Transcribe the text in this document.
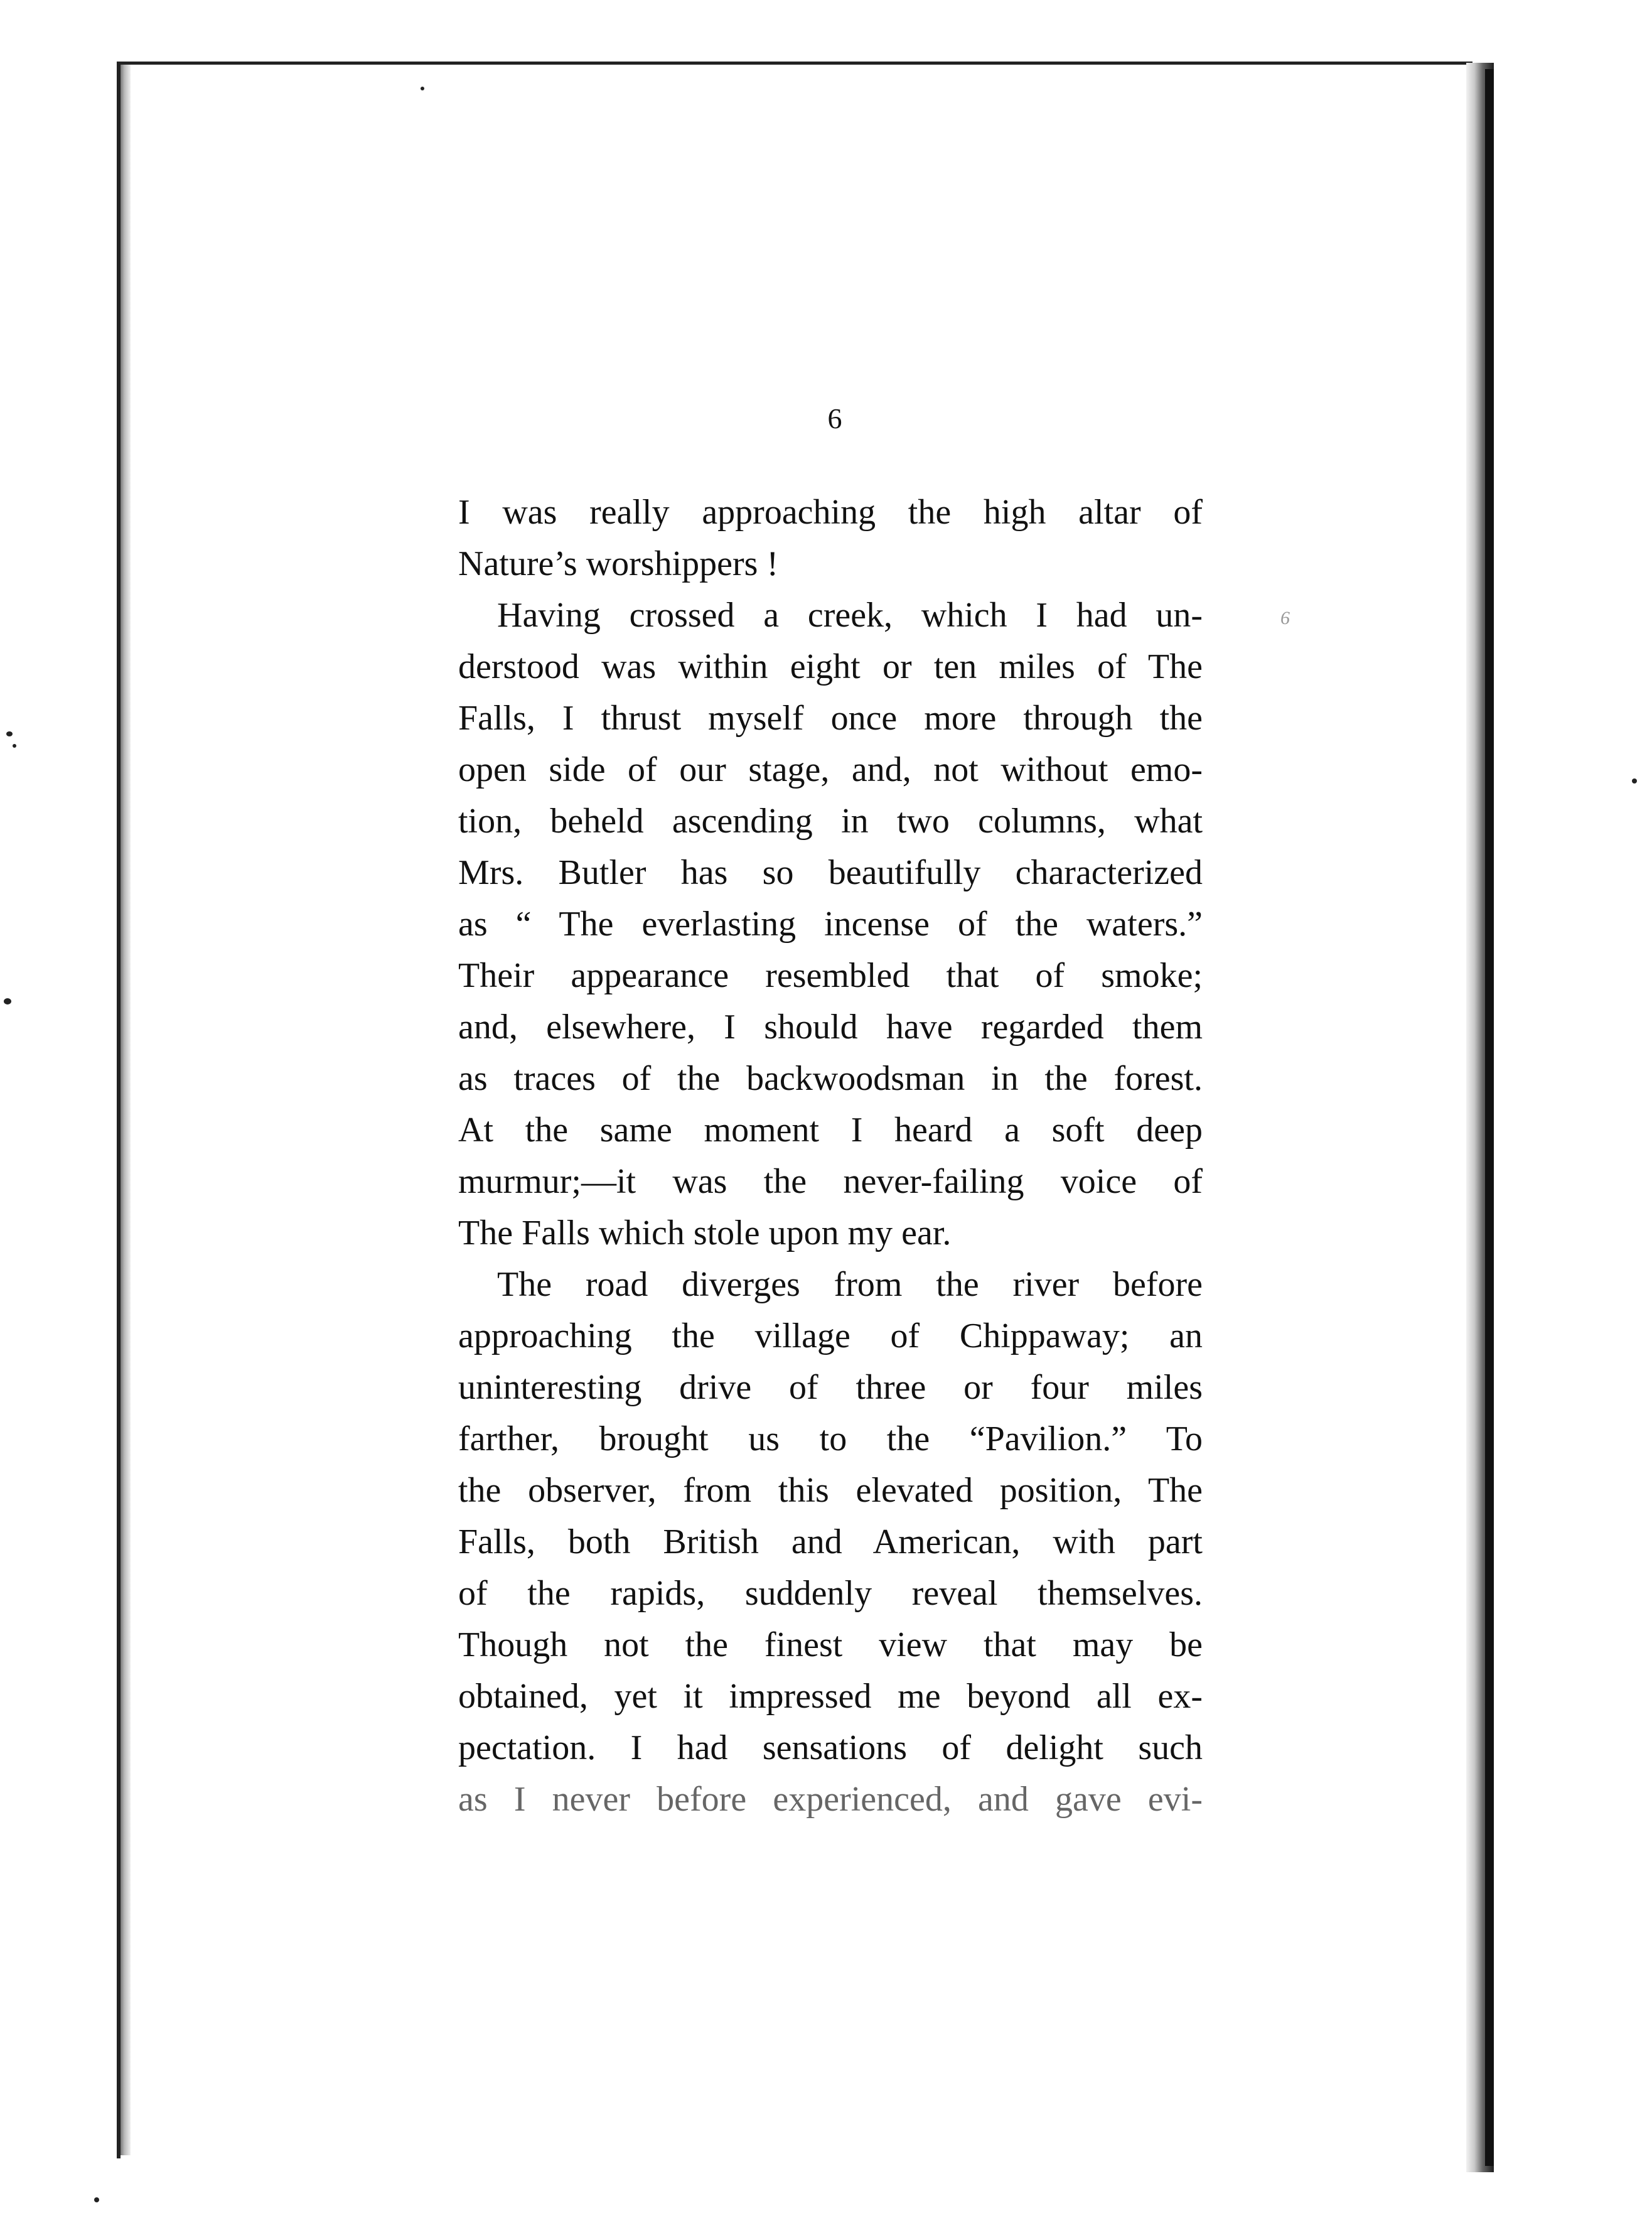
6
6
I was really approaching the high altar of
Nature’s worshippers !
Having crossed a creek, which I had un-
derstood was within eight or ten miles of The
Falls, I thrust myself once more through the
open side of our stage, and, not without emo-
tion, beheld ascending in two columns, what
Mrs. Butler has so beautifully characterized
as “ The everlasting incense of the waters.”
Their appearance resembled that of smoke;
and, elsewhere, I should have regarded them
as traces of the backwoodsman in the forest.
At the same moment I heard a soft deep
murmur;—it was the never-failing voice of
The Falls which stole upon my ear.
The road diverges from the river before
approaching the village of Chippaway; an
uninteresting drive of three or four miles
farther, brought us to the “Pavilion.” To
the observer, from this elevated position, The
Falls, both British and American, with part
of the rapids, suddenly reveal themselves.
Though not the finest view that may be
obtained, yet it impressed me beyond all ex-
pectation. I had sensations of delight such
as I never before experienced, and gave evi-
